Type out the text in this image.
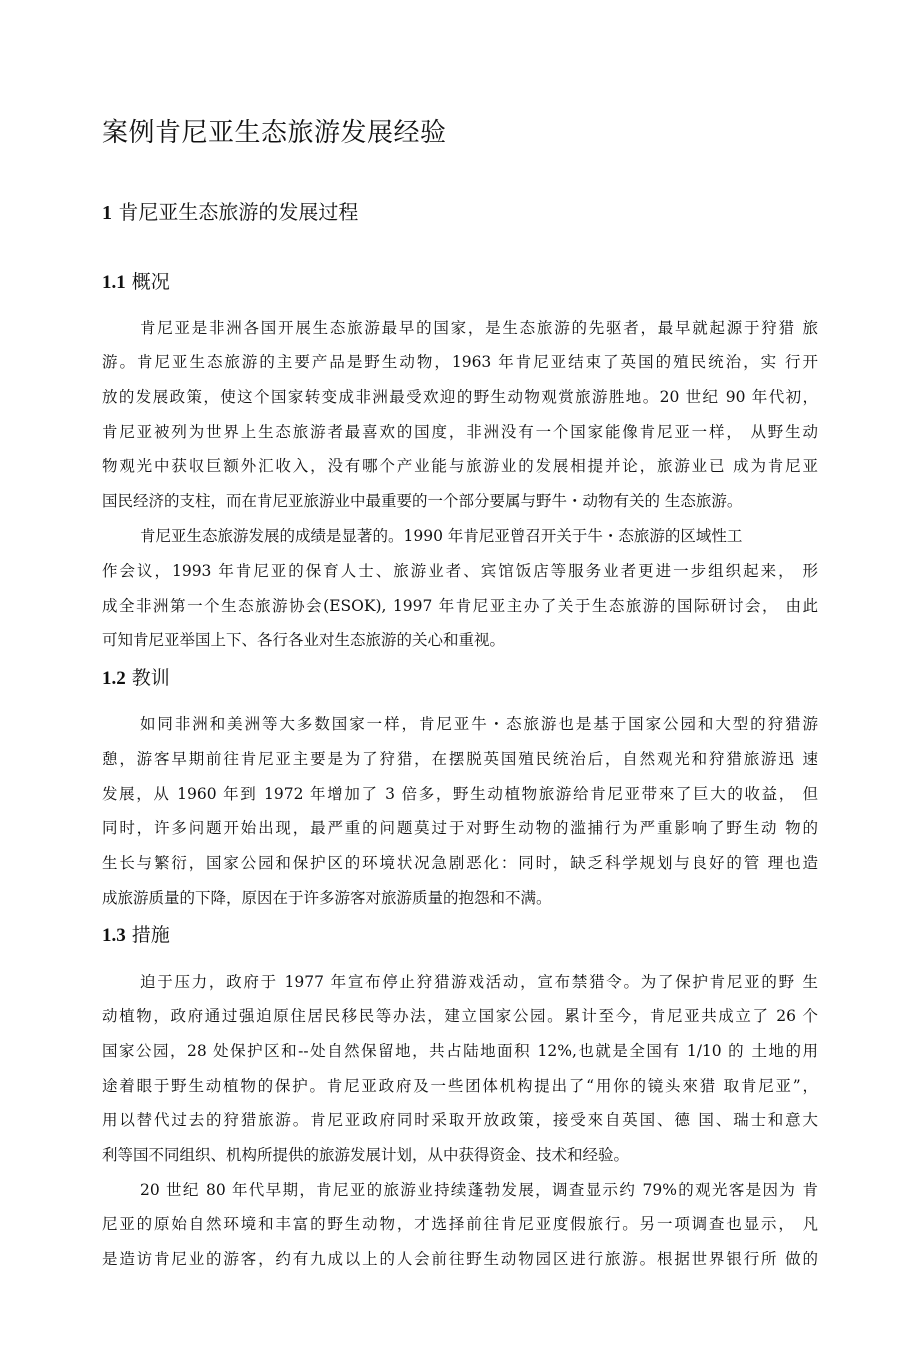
案例肯尼亚生态旅游发展经验
1 肯尼亚生态旅游的发展过程
1.1 概况
肯尼亚是非洲各国开展生态旅游最早的国家，是生态旅游的先驱者，最早就起源于狩猎 旅
游。肯尼亚生态旅游的主要产品是野生动物，1963 年肯尼亚结束了英国的殖民统治，实 行开
放的发展政策，使这个国家转变成非洲最受欢迎的野生动物观赏旅游胜地。20 世纪 90 年代初，
肯尼亚被列为世界上生态旅游者最喜欢的国度，非洲没有一个国家能像肯尼亚一样， 从野生动
物观光中获収巨额外汇收入，没有哪个产业能与旅游业的发展相提并论，旅游业已 成为肯尼亚
国民经济的支柱，而在肯尼亚旅游业中最重要的一个部分要属与野牛・动物有关的 生态旅游。
肯尼亚生态旅游发展的成绩是显著的。1990 年肯尼亚曾召开关于牛・态旅游的区域性工
作会议，1993 年肯尼亚的保育人士、旅游业者、宾馆饭店等服务业者更进一步组织起来， 形
成全非洲第一个生态旅游协会(ESOK), 1997 年肯尼亚主办了关于生态旅游的国际研讨会， 由此
可知肯尼亚举国上下、各行各业对生态旅游的关心和重视。
1.2 教训
如同非洲和美洲等大多数国家一样，肯尼亚牛・态旅游也是基于国家公园和大型的狩猎游
憩，游客早期前往肯尼亚主要是为了狩猎，在摆脱英国殖民统治后，自然观光和狩猎旅游迅 速
发展，从 1960 年到 1972 年增加了 3 倍多，野生动植物旅游给肯尼亚带來了巨大的收益， 但
同时，许多问题开始出现，最严重的问题莫过于对野生动物的滥捕行为严重影响了野生动 物的
生长与繁衍，国家公园和保护区的环境状况急剧恶化：同时，缺乏科学规划与良好的管 理也造
成旅游质量的下降，原因在于许多游客对旅游质量的抱怨和不满。
1.3 措施
迫于压力，政府于 1977 年宣布停止狩猎游戏活动，宣布禁猎令。为了保护肯尼亚的野 生
动植物，政府通过强迫原住居民移民等办法，建立国家公园。累计至今，肯尼亚共成立了 26 个
国家公园，28 处保护区和--处自然保留地，共占陆地面积 12%,也就是全国有 1/10 的 土地的用
途着眼于野生动植物的保护。肯尼亚政府及一些团体机构提出了“用你的镜头來猎 取肯尼亚”，
用以替代过去的狩猎旅游。肯尼亚政府同时采取开放政策，接受來自英国、德 国、瑞士和意大
利等国不同组织、机构所提供的旅游发展计划，从中获得资金、技术和经验。
20 世纪 80 年代早期，肯尼亚的旅游业持续蓬勃发展，调查显示约 79%的观光客是因为 肯
尼亚的原始自然环境和丰富的野生动物，才选择前往肯尼亚度假旅行。另一项调查也显示， 凡
是造访肯尼业的游客，约有九成以上的人会前往野生动物园区进行旅游。根据世界银行所 做的
